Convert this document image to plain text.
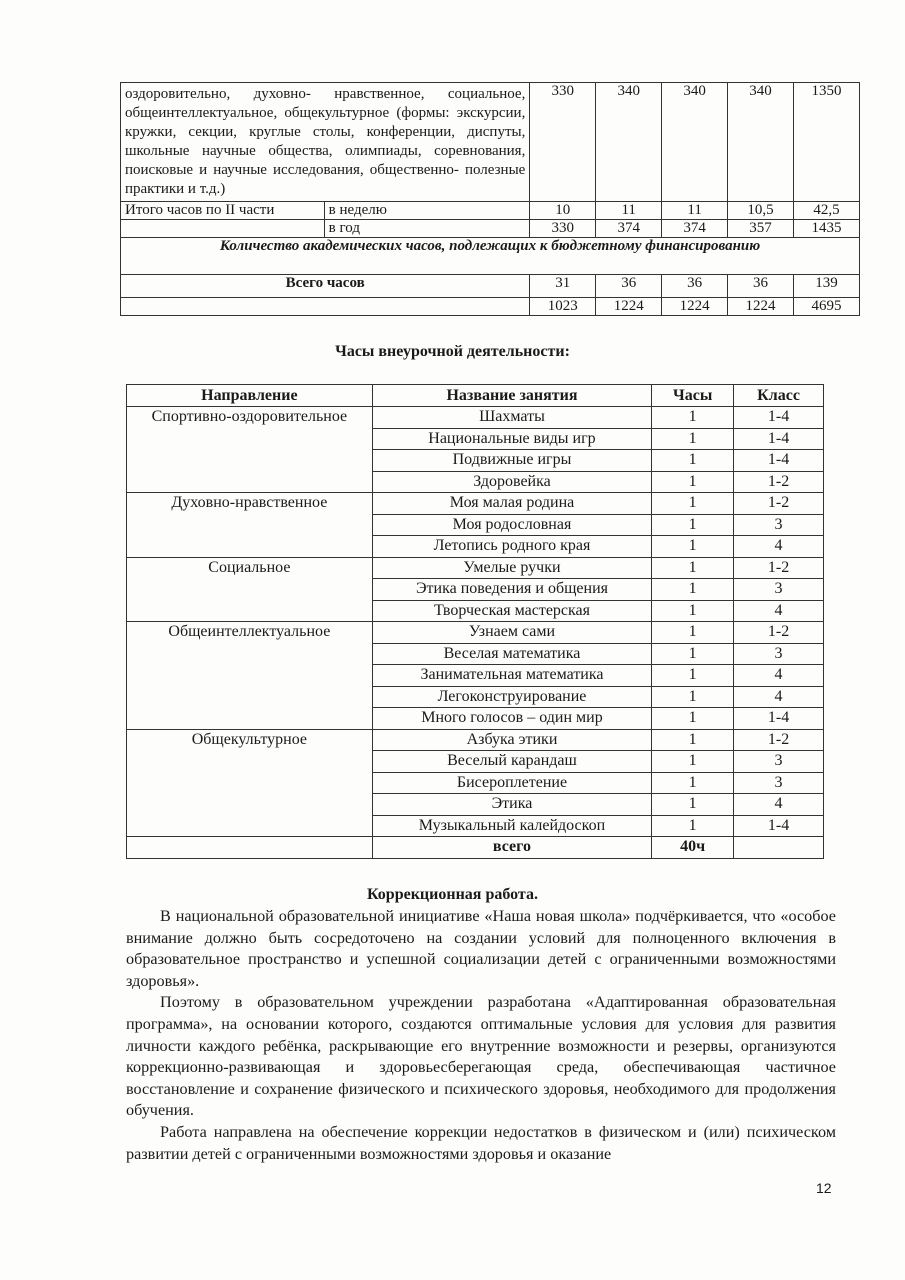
оздоровительно, духовно- нравственное, социальное, общеинтеллектуальное, общекультурное (формы: экскурсии, кружки, секции, круглые столы, конференции, диспуты, школьные научные общества, олимпиады, соревнования, поисковые и научные исследования, общественно- полезные практики и т.д.)		330	340	340	340	1350
Итого часов по II части	в неделю	10	11	11	10,5	42,5
	в год	330	374	374	357	1435
Количество академических часов, подлежащих к бюджетному финансированию						
Всего часов		31	36	36	36	139
		1023	1224	1224	1224	4695
Часы внеурочной деятельности:
Направление	Название занятия	Часы	Класс
Спортивно-оздоровительное	Шахматы	1	1-4
	Национальные виды игр	1	1-4
	Подвижные игры	1	1-4
	Здоровейка	1	1-2
Духовно-нравственное	Моя малая родина	1	1-2
	Моя родословная	1	3
	Летопись родного края	1	4
Социальное	Умелые ручки	1	1-2
	Этика поведения и общения	1	3
	Творческая мастерская	1	4
Общеинтеллектуальное	Узнаем сами	1	1-2
	Веселая математика	1	3
	Занимательная математика	1	4
	Легоконструирование	1	4
	Много голосов – один мир	1	1-4
Общекультурное	Азбука этики	1	1-2
	Веселый карандаш	1	3
	Бисероплетение	1	3
	Этика	1	4
	Музыкальный калейдоскоп	1	1-4
	всего	40ч	
Коррекционная работа.

В национальной образовательной инициативе «Наша новая школа» подчёркивается, что «особое внимание должно быть сосредоточено на создании условий для полноценного включения в образовательное пространство и успешной социализации детей с ограниченными возможностями здоровья».

Поэтому в образовательном учреждении разработана «Адаптированная образовательная программа», на основании которого, создаются оптимальные условия для условия для развития личности каждого ребёнка, раскрывающие его внутренние возможности и резервы, организуются коррекционно-развивающая и здоровьесберегающая среда, обеспечивающая частичное восстановление и сохранение физического и психического здоровья, необходимого для продолжения обучения.

Работа направлена на обеспечение коррекции недостатков в физическом и (или) психическом развитии детей с ограниченными возможностями здоровья и оказание

12
